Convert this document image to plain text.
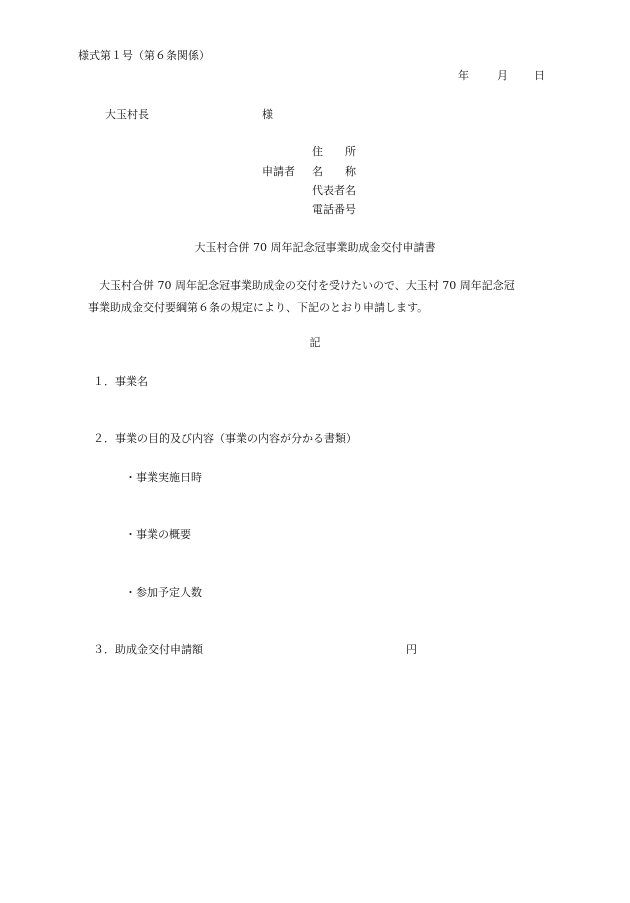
様式第１号（第６条関係）
年	月 日
大玉村長	様
申請者
住　　所
名　　称
代表者名
電話番号
大玉村合併 70 周年記念冠事業助成金交付申請書

大玉村合併 70 周年記念冠事業助成金の交付を受けたいので、大玉村 70 周年記念冠

事業助成金交付要綱第６条の規定により、下記のとおり申請します。

記
１．事業名
２．事業の目的及び内容（事業の内容が分かる書類）
・事業実施日時
・事業の概要
・参加予定人数
３．助成金交付申請額	円
